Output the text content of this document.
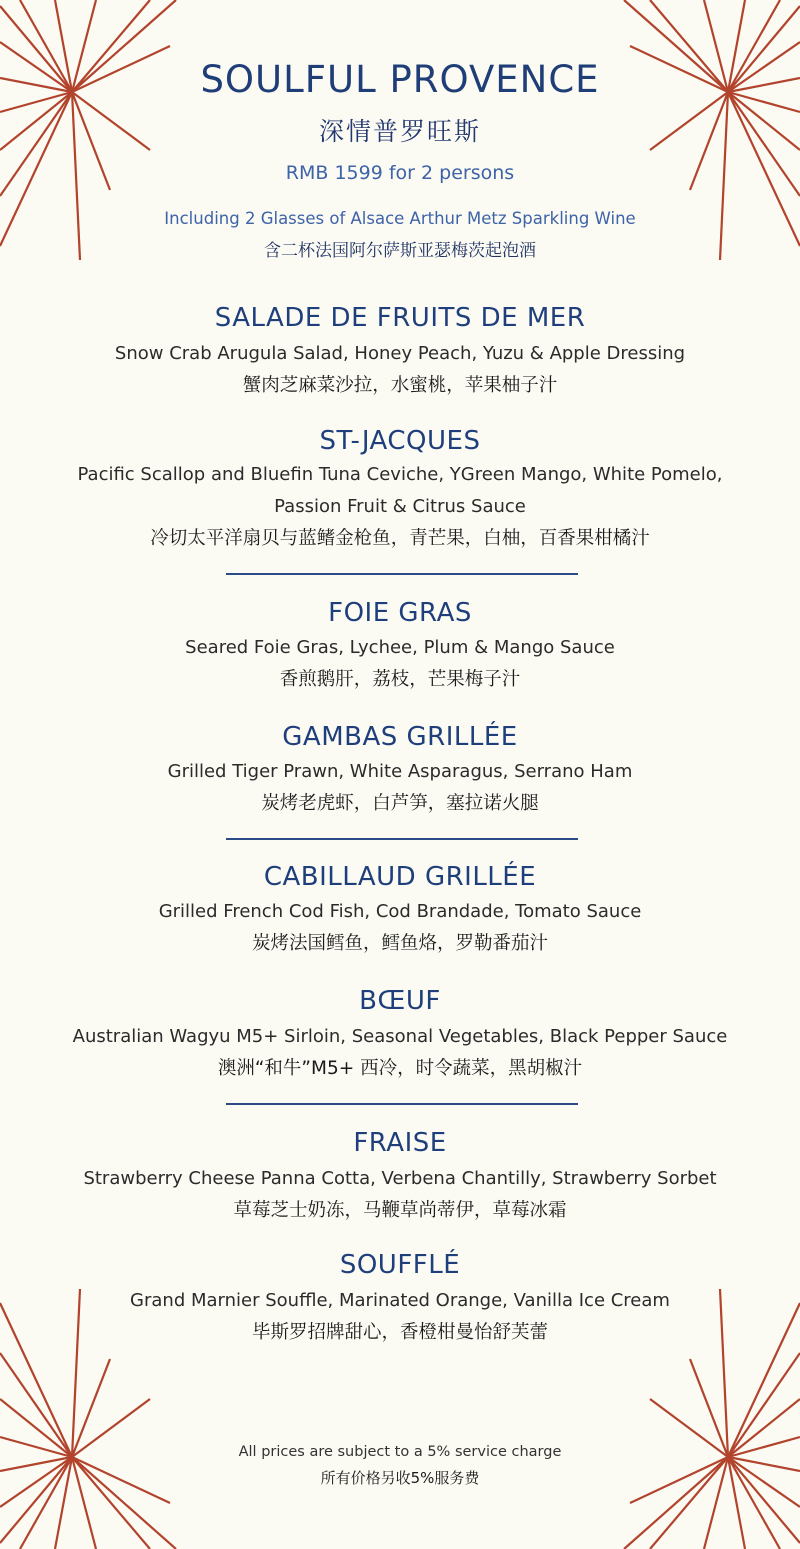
SOULFUL PROVENCE
深情普罗旺斯
RMB 1599 for 2 persons
Including 2 Glasses of Alsace Arthur Metz Sparkling Wine
含二杯法国阿尔萨斯亚瑟梅茨起泡酒
SALADE DE FRUITS DE MER
Snow Crab Arugula Salad, Honey Peach, Yuzu & Apple Dressing
蟹肉芝麻菜沙拉，水蜜桃，苹果柚子汁
ST-JACQUES
Pacific Scallop and Bluefin Tuna Ceviche, YGreen Mango, White Pomelo,
Passion Fruit & Citrus Sauce
冷切太平洋扇贝与蓝鳍金枪鱼，青芒果，白柚，百香果柑橘汁
FOIE GRAS
Seared Foie Gras, Lychee, Plum & Mango Sauce
香煎鹅肝，荔枝，芒果梅子汁
GAMBAS GRILLÉE
Grilled Tiger Prawn, White Asparagus, Serrano Ham
炭烤老虎虾，白芦笋，塞拉诺火腿
CABILLAUD GRILLÉE
Grilled French Cod Fish, Cod Brandade, Tomato Sauce
炭烤法国鳕鱼，鳕鱼烙，罗勒番茄汁
BŒUF
Australian Wagyu M5+ Sirloin, Seasonal Vegetables, Black Pepper Sauce
澳洲“和牛”M5+ 西冷，时令蔬菜，黑胡椒汁
FRAISE
Strawberry Cheese Panna Cotta, Verbena Chantilly, Strawberry Sorbet
草莓芝士奶冻，马鞭草尚蒂伊，草莓冰霜
SOUFFLÉ
Grand Marnier Souffle, Marinated Orange, Vanilla Ice Cream
毕斯罗招牌甜心，香橙柑曼怡舒芙蕾
All prices are subject to a 5% service charge
所有价格另收5%服务费
